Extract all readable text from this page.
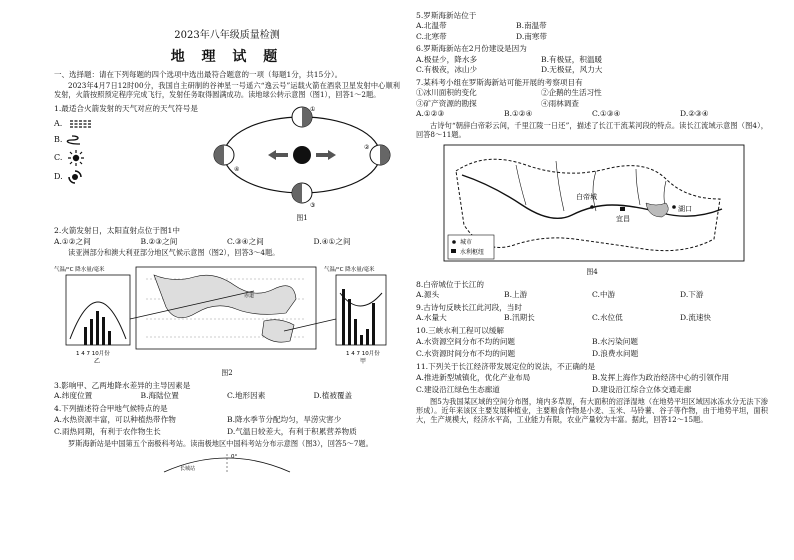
2023年八年级质量检测
地 理 试 题
一、选择题：请在下列每题的四个选项中选出最符合题意的一项（每题1分，共15分）。
2023年4月7日12时00分，我国自主研制的谷神星一号遥六“逸云号”运载火箭在酒泉卫星发射中心顺利发射，火箭按照预定程序完成飞行，发射任务取得圆满成功。读地球公转示意图（图1），回答1～2题。
1.最适合火箭发射的天气对应的天气符号是
A.
B.
C.
D.
①
②
③
④
图1
2.火箭发射日，太阳直射点位于图1中
A.①②之间	B.②③之间	C.③④之间	D.④①之间
读亚洲部分和澳大利亚部分地区气候示意图（图2），回答3～4题。
赤道
气温/°C 降水量/毫米	气温/°C 降水量/毫米
1 4 7 10月份	1 4 7 10月份
乙	甲
图2
3.影响甲、乙两地降水差异的主导因素是
A.纬度位置	B.海陆位置	C.地形因素	D.植被覆盖
4.下列描述符合甲地气候特点的是
A.水热资源丰富，可以种植热带作物	B.降水季节分配均匀，旱涝灾害少
C.雨热同期，有利于农作物生长	D.气温日较差大，有利于积累营养物质
罗斯海新站是中国第五个南极科考站。读南极地区中国科考站分布示意图（图3），回答5～7题。
0°
长城站
5.罗斯海新站位于
A.北温带	B.南温带
C.北寒带	D.南寒带
6.罗斯海新站在2月份建设是因为
A.极昼少，降水多	B.有极昼，积温暖
C.有极夜，冰山少	D.无极昼，风力大
7.某科考小组在罗斯海新站可能开展的考察项目有
①冰川面积的变化	②企鹅的生活习性
③矿产资源的勘探	④雨林调查
A.①②③	B.①②④	C.①③④	D.②③④
古诗句“朝辞白帝彩云间，千里江陵一日还”，描述了长江干流某河段的特点。读长江流域示意图（图4），回答8～11题。
白帝城
宜昌
湖口
城市
水利枢纽
图4
8.白帝城位于长江的
A.源头	B.上游	C.中游	D.下游
9.古诗句反映长江此河段，当时
A.水量大	B.汛期长	C.水位低	D.流速快
10.三峡水利工程可以缓解
A.水资源空间分布不均的问题	B.水污染问题
C.水资源时间分布不均的问题	D.浪费水问题
11.下列关于长江经济带发展定位的说法，不正确的是
A.推进新型城镇化，优化产业布局	B.发挥上海作为政治经济中心的引领作用
C.建设沿江绿色生态廊道	D.建设沿江综合立体交通走廊
图5为我国某区域的空间分布图，境内多草原，有大面积的沼泽湿地（在地势平坦区域因冰冻水分无法下渗形成）。近年来该区主要发展种植业，主要粮食作物是小麦、玉米、马铃薯、谷子等作物，由于地势平坦，面积大，生产规模大，经济水平高，工业能力有限，农业产量较为丰富。据此，回答12～15题。
